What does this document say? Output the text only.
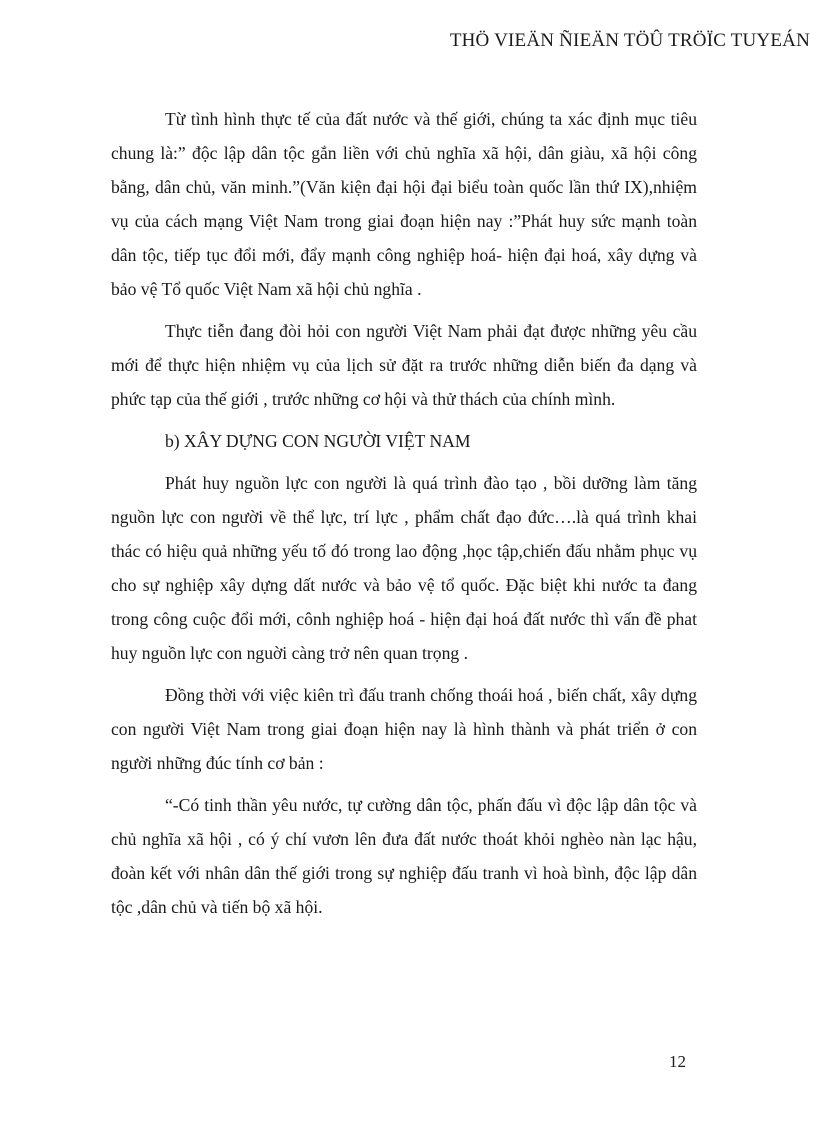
THÖ VIEÄN ÑIEÄN TÖÛ TRÖÏC TUYEÁN

Từ tình hình thực tế của đất nước và thế giới, chúng ta xác định mục tiêu chung là:” độc lập dân tộc gắn liền với chủ nghĩa xã hội, dân giàu, xã hội công bằng, dân chủ, văn minh.”(Văn kiện đại hội đại biểu toàn quốc lần thứ IX),nhiệm vụ của cách mạng Việt Nam trong giai đoạn hiện nay :”Phát huy sức mạnh toàn dân tộc, tiếp tục đổi mới, đẩy mạnh công nghiệp hoá- hiện đại hoá, xây dựng và bảo vệ Tổ quốc Việt Nam xã hội chủ nghĩa .

Thực tiễn đang đòi hỏi con người Việt Nam phải đạt được những yêu cầu mới để thực hiện nhiệm vụ của lịch sử đặt ra trước những diễn biến đa dạng và phức tạp của thế giới , trước những cơ hội và thử thách của chính mình.

b) XÂY DỰNG CON NGƯỜI VIỆT NAM

Phát huy nguồn lực con người là quá trình đào tạo , bồi dưỡng làm tăng nguồn lực con người về thể lực, trí lực , phẩm chất đạo đức….là quá trình khai thác có hiệu quả những yếu tố đó trong lao động ,học tập,chiến đấu nhằm phục vụ cho sự nghiệp xây dựng dất nước và bảo vệ tổ quốc. Đặc biệt khi nước ta đang trong công cuộc đổi mới, cônh nghiệp hoá - hiện đại hoá đất nước thì vấn đề phat huy nguồn lực con nguời càng trở nên quan trọng .

Đồng thời với việc kiên trì đấu tranh chống thoái hoá , biến chất, xây dựng con người Việt Nam trong giai đoạn hiện nay là hình thành và phát triển ở con người những đúc tính cơ bản :

“-Có tinh thần yêu nước, tự cường dân tộc, phấn đấu vì độc lập dân tộc và chủ nghĩa xã hội , có ý chí vươn lên đưa đất nước thoát khỏi nghèo nàn lạc hậu, đoàn kết với nhân dân thế giới trong sự nghiệp đấu tranh vì hoà bình, độc lập dân tộc ,dân chủ và tiến bộ xã hội.

12
